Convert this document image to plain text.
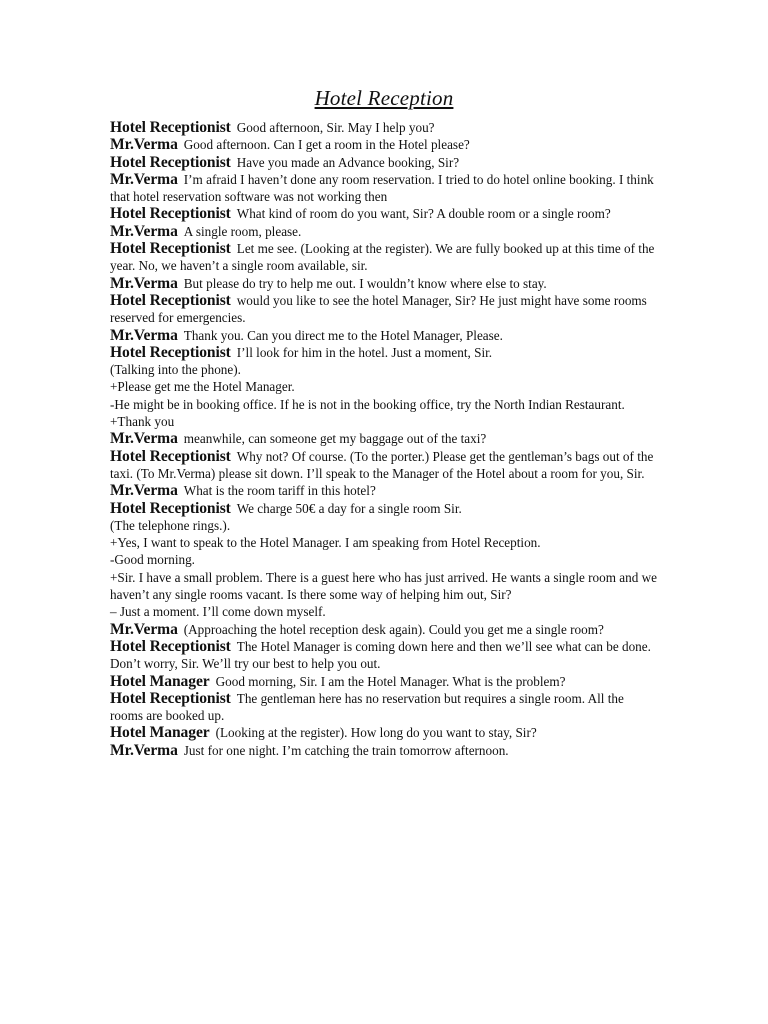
Hotel Reception

Hotel Receptionist Good afternoon, Sir. May I help you?

Mr.Verma Good afternoon. Can I get a room in the Hotel please?

Hotel Receptionist Have you made an Advance booking, Sir?

Mr.Verma I’m afraid I haven’t done any room reservation. I tried to do hotel online booking. I think that hotel reservation software was not working then

Hotel Receptionist What kind of room do you want, Sir? A double room or a single room?

Mr.Verma A single room, please.

Hotel Receptionist Let me see. (Looking at the register). We are fully booked up at this time of the year. No, we haven’t a single room available, sir.

Mr.Verma But please do try to help me out. I wouldn’t know where else to stay.

Hotel Receptionist would you like to see the hotel Manager, Sir? He just might have some rooms reserved for emergencies.

Mr.Verma Thank you. Can you direct me to the Hotel Manager, Please.

Hotel Receptionist I’ll look for him in the hotel. Just a moment, Sir.
(Talking into the phone).
+Please get me the Hotel Manager.
-He might be in booking office. If he is not in the booking office, try the North Indian Restaurant.
+Thank you

Mr.Verma meanwhile, can someone get my baggage out of the taxi?

Hotel Receptionist Why not? Of course. (To the porter.) Please get the gentleman’s bags out of the taxi. (To Mr.Verma) please sit down. I’ll speak to the Manager of the Hotel about a room for you, Sir.

Mr.Verma What is the room tariff in this hotel?

Hotel Receptionist We charge 50€ a day for a single room Sir.
(The telephone rings.).
+Yes, I want to speak to the Hotel Manager. I am speaking from Hotel Reception.
-Good morning.
+Sir. I have a small problem. There is a guest here who has just arrived. He wants a single room and we haven’t any single rooms vacant. Is there some way of helping him out, Sir?
– Just a moment. I’ll come down myself.

Mr.Verma (Approaching the hotel reception desk again). Could you get me a single room?

Hotel Receptionist The Hotel Manager is coming down here and then we’ll see what can be done. Don’t worry, Sir. We’ll try our best to help you out.

Hotel Manager Good morning, Sir. I am the Hotel Manager. What is the problem?

Hotel Receptionist The gentleman here has no reservation but requires a single room. All the rooms are booked up.

Hotel Manager (Looking at the register). How long do you want to stay, Sir?

Mr.Verma Just for one night. I’m catching the train tomorrow afternoon.
